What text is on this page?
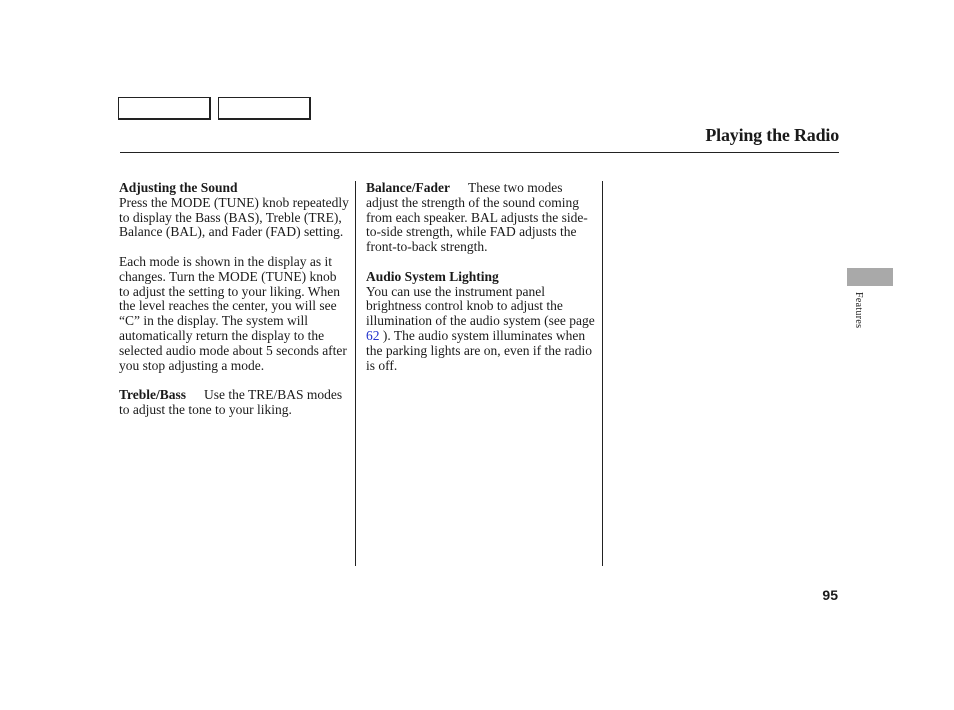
Playing the Radio
Adjusting the Sound

Press the MODE (TUNE) knob repeatedly to display the Bass (BAS), Treble (TRE), Balance (BAL), and Fader (FAD) setting.

Each mode is shown in the display as it changes. Turn the MODE (TUNE) knob to adjust the setting to your liking. When the level reaches the center, you will see “C” in the display. The system will automatically return the display to the selected audio mode about 5 seconds after you stop adjusting a mode.

Treble/Bass Use the TRE/BAS modes to adjust the tone to your liking.

Balance/Fader These two modes adjust the strength of the sound coming from each speaker. BAL adjusts the side-to-side strength, while FAD adjusts the front-to-back strength.

Audio System Lighting

You can use the instrument panel brightness control knob to adjust the illumination of the audio system (see page 62 ). The audio system illuminates when the parking lights are on, even if the radio is off.

Features
95
